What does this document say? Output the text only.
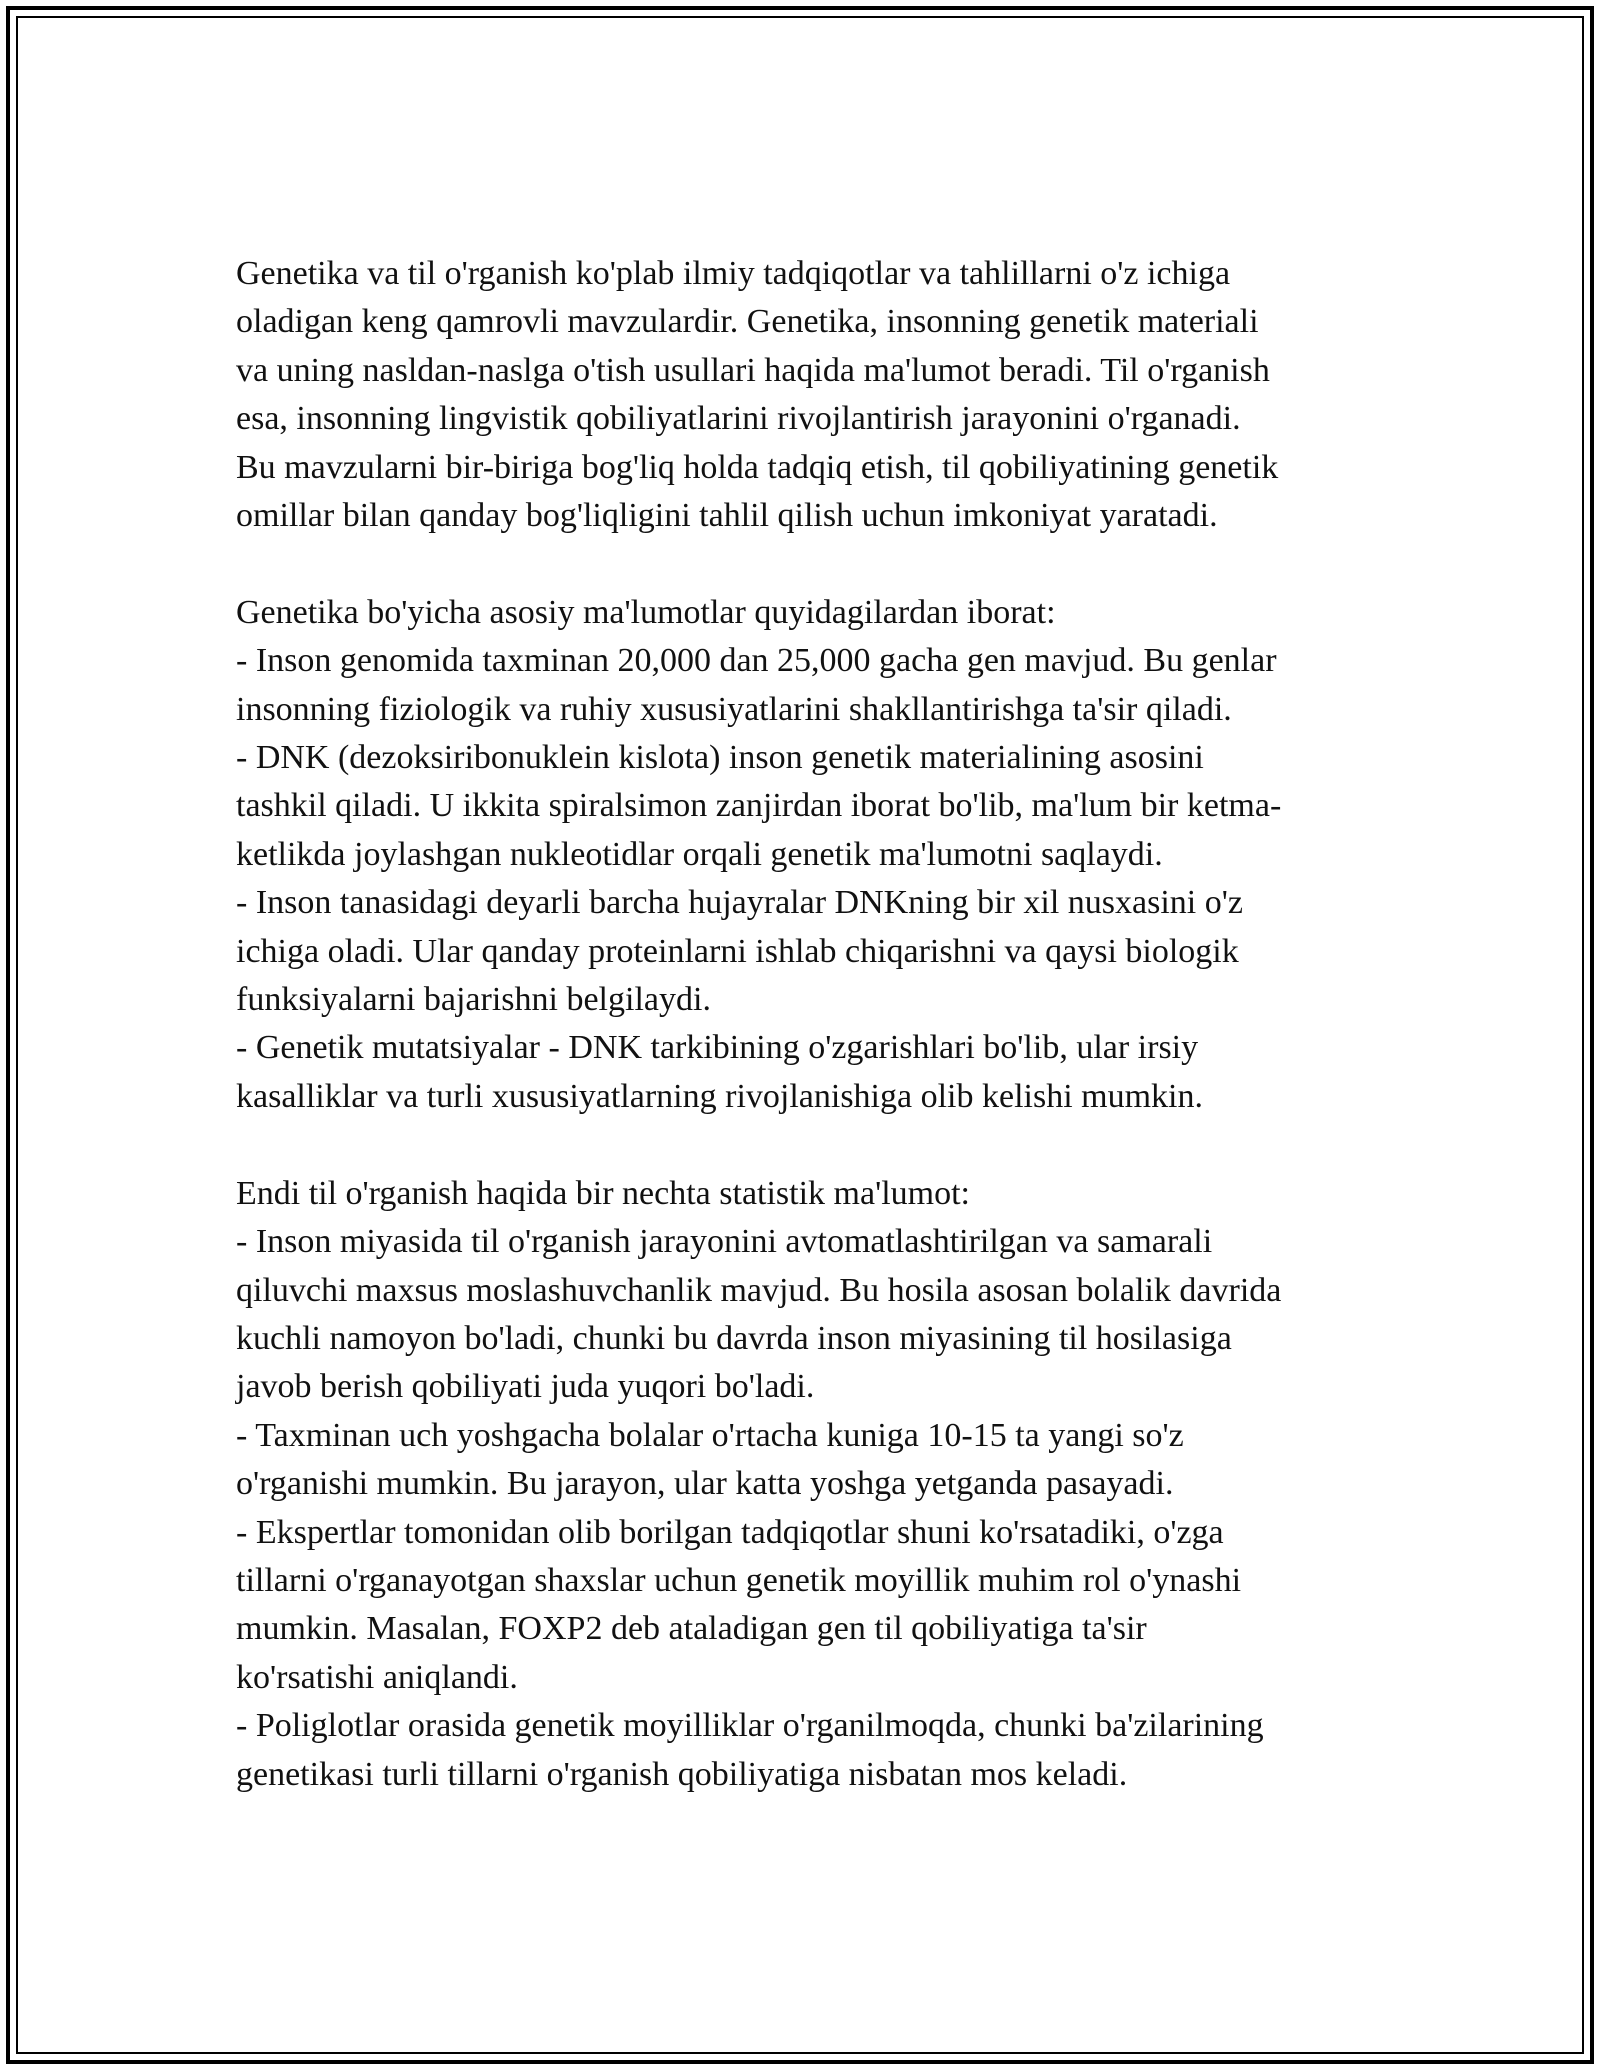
Genetika va til o'rganish ko'plab ilmiy tadqiqotlar va tahlillarni o'z ichiga

oladigan keng qamrovli mavzulardir. Genetika, insonning genetik materiali

va uning nasldan-naslga o'tish usullari haqida ma'lumot beradi. Til o'rganish

esa, insonning lingvistik qobiliyatlarini rivojlantirish jarayonini o'rganadi.

Bu mavzularni bir-biriga bog'liq holda tadqiq etish, til qobiliyatining genetik

omillar bilan qanday bog'liqligini tahlil qilish uchun imkoniyat yaratadi.

Genetika bo'yicha asosiy ma'lumotlar quyidagilardan iborat:

- Inson genomida taxminan 20,000 dan 25,000 gacha gen mavjud. Bu genlar

insonning fiziologik va ruhiy xususiyatlarini shakllantirishga ta'sir qiladi.

- DNK (dezoksiribonuklein kislota) inson genetik materialining asosini

tashkil qiladi. U ikkita spiralsimon zanjirdan iborat bo'lib, ma'lum bir ketma-

ketlikda joylashgan nukleotidlar orqali genetik ma'lumotni saqlaydi.

- Inson tanasidagi deyarli barcha hujayralar DNKning bir xil nusxasini o'z

ichiga oladi. Ular qanday proteinlarni ishlab chiqarishni va qaysi biologik

funksiyalarni bajarishni belgilaydi.

- Genetik mutatsiyalar - DNK tarkibining o'zgarishlari bo'lib, ular irsiy

kasalliklar va turli xususiyatlarning rivojlanishiga olib kelishi mumkin.

Endi til o'rganish haqida bir nechta statistik ma'lumot:

- Inson miyasida til o'rganish jarayonini avtomatlashtirilgan va samarali

qiluvchi maxsus moslashuvchanlik mavjud. Bu hosila asosan bolalik davrida

kuchli namoyon bo'ladi, chunki bu davrda inson miyasining til hosilasiga

javob berish qobiliyati juda yuqori bo'ladi.

- Taxminan uch yoshgacha bolalar o'rtacha kuniga 10-15 ta yangi so'z

o'rganishi mumkin. Bu jarayon, ular katta yoshga yetganda pasayadi.

- Ekspertlar tomonidan olib borilgan tadqiqotlar shuni ko'rsatadiki, o'zga

tillarni o'rganayotgan shaxslar uchun genetik moyillik muhim rol o'ynashi

mumkin. Masalan, FOXP2 deb ataladigan gen til qobiliyatiga ta'sir

ko'rsatishi aniqlandi.

- Poliglotlar orasida genetik moyilliklar o'rganilmoqda, chunki ba'zilarining

genetikasi turli tillarni o'rganish qobiliyatiga nisbatan mos keladi.
